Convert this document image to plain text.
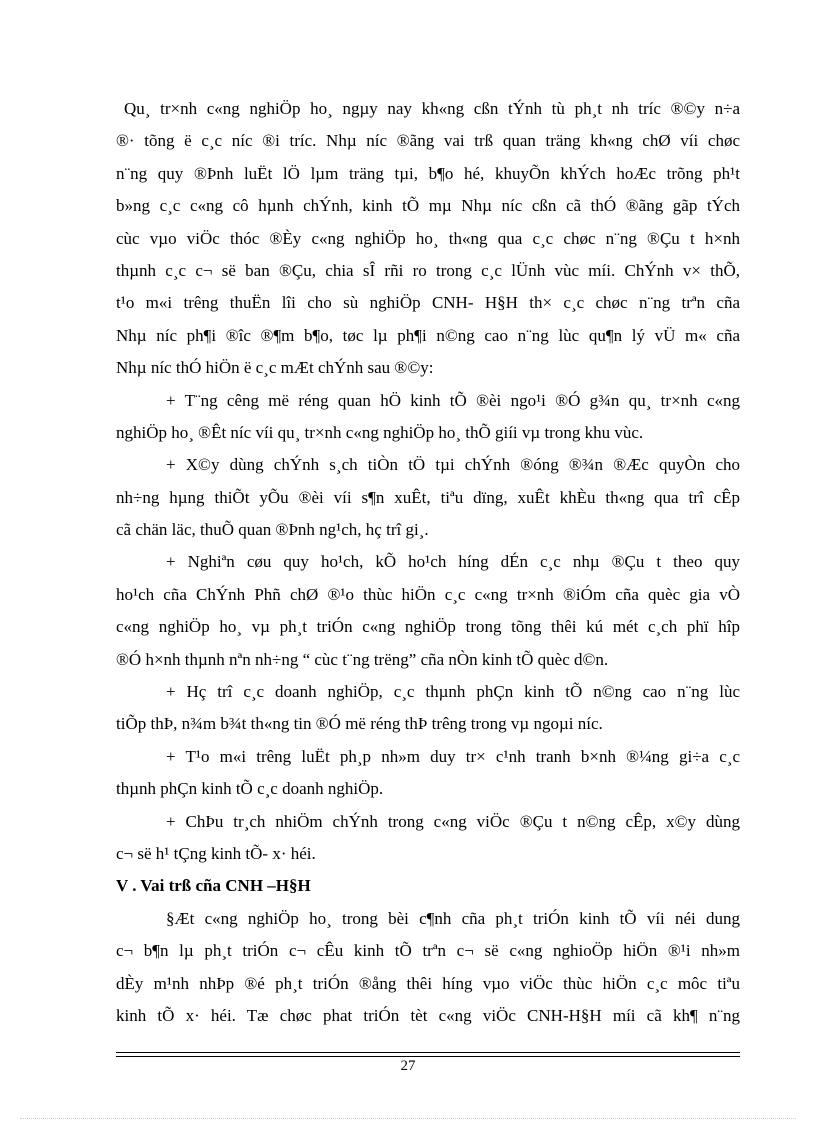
Qu¸ tr×nh c«ng nghiÖp ho¸ ngµy nay kh«ng cßn tÝnh tù ph¸t nh tríc ®©y n÷a

®· tõng ë c¸c níc ®i tríc. Nhµ níc ®ãng vai trß quan träng kh«ng chØ víi chøc

n¨ng quy ®Þnh luËt lÖ lµm träng tµi, b¶o hé, khuyÕn khÝch hoÆc trõng ph¹t

b»ng c¸c c«ng cô hµnh chÝnh, kinh tÕ mµ Nhµ níc cßn cã thÓ ®ãng gãp tÝch

cùc vµo viÖc thóc ®Èy c«ng nghiÖp ho¸ th«ng qua c¸c chøc n¨ng ®Çu t h×nh

thµnh c¸c c¬ së ban ®Çu, chia sÎ rñi ro trong c¸c lÜnh vùc míi. ChÝnh v× thÕ,

t¹o m«i trêng thuËn lîi cho sù nghiÖp CNH- H§H th× c¸c chøc n¨ng trªn cña

Nhµ níc ph¶i ®îc ®¶m b¶o, tøc lµ ph¶i n©ng cao n¨ng lùc qu¶n lý vÜ m« cña

Nhµ níc thÓ hiÖn ë c¸c mÆt chÝnh sau ®©y:

+ T¨ng cêng më réng quan hÖ kinh tÕ ®èi ngo¹i ®Ó g¾n qu¸ tr×nh c«ng

nghiÖp ho¸ ®Êt níc víi qu¸ tr×nh c«ng nghiÖp ho¸ thÕ giíi vµ trong khu vùc.

+ X©y dùng chÝnh s¸ch tiÒn tÖ tµi chÝnh ®óng ®¾n ®Æc quyÒn cho

nh÷ng hµng thiÕt yÕu ®èi víi s¶n xuÊt, tiªu dïng, xuÊt khÈu th«ng qua trî cÊp

cã chän läc, thuÕ quan ®Þnh ng¹ch, hç trî gi¸.

+ Nghiªn cøu quy ho¹ch, kÕ ho¹ch híng dÉn c¸c nhµ ®Çu t theo quy

ho¹ch cña ChÝnh Phñ chØ ®¹o thùc hiÖn c¸c c«ng tr×nh ®iÓm cña quèc gia vÒ

c«ng nghiÖp ho¸ vµ ph¸t triÓn c«ng nghiÖp trong tõng thêi kú mét c¸ch phï hîp

®Ó h×nh thµnh nªn nh÷ng “ cùc t¨ng trëng” cña nÒn kinh tÕ quèc d©n.

+ Hç trî c¸c doanh nghiÖp, c¸c thµnh phÇn kinh tÕ n©ng cao n¨ng lùc

tiÕp thÞ, n¾m b¾t th«ng tin ®Ó më réng thÞ trêng trong vµ ngoµi níc.

+ T¹o m«i trêng luËt ph¸p nh»m duy tr× c¹nh tranh b×nh ®¼ng gi÷a c¸c

thµnh phÇn kinh tÕ c¸c doanh nghiÖp.

+ ChÞu tr¸ch nhiÖm chÝnh trong c«ng viÖc ®Çu t n©ng cÊp, x©y dùng

c¬ së h¹ tÇng kinh tÕ- x· héi.

V . Vai trß cña CNH –H§H

§Æt c«ng nghiÖp ho¸ trong bèi c¶nh cña ph¸t triÓn kinh tÕ víi néi dung

c¬ b¶n lµ ph¸t triÓn c¬ cÊu kinh tÕ trªn c¬ së c«ng nghioÖp hiÖn ®¹i nh»m

dÈy m¹nh nhÞp ®é ph¸t triÓn ®ång thêi híng vµo viÖc thùc hiÖn c¸c môc tiªu

kinh tÕ x· héi. Tæ chøc phat triÓn tèt c«ng viÖc CNH-H§H míi cã kh¶ n¨ng

27
